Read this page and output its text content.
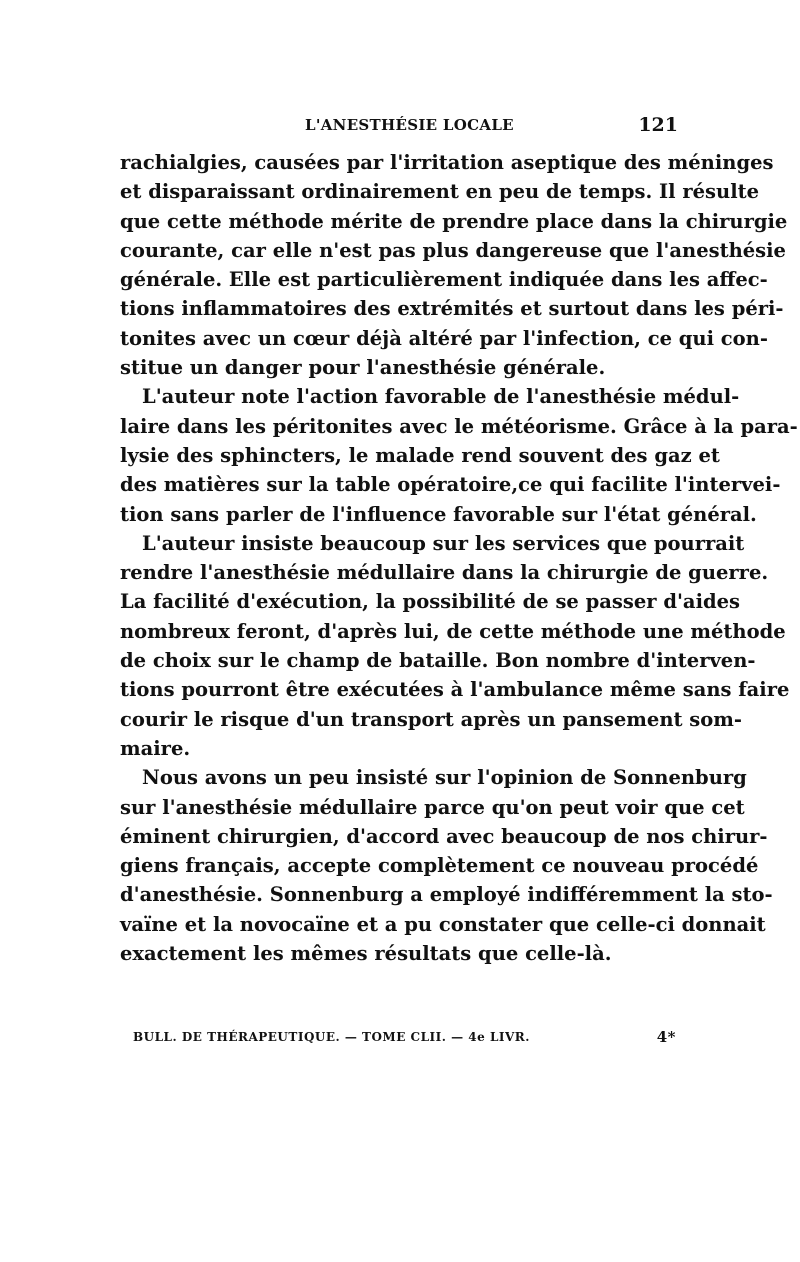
L'ANESTHÉSIE LOCALE	121
rachialgies, causées par l'irritation aseptique des méninges
et disparaissant ordinairement en peu de temps. Il résulte
que cette méthode mérite de prendre place dans la chirurgie
courante, car elle n'est pas plus dangereuse que l'anesthésie
générale. Elle est particulièrement indiquée dans les affec-
tions inflammatoires des extrémités et surtout dans les péri-
tonites avec un cœur déjà altéré par l'infection, ce qui con-
stitue un danger pour l'anesthésie générale.
L'auteur note l'action favorable de l'anesthésie médul-
laire dans les péritonites avec le météorisme. Grâce à la para-
lysie des sphincters, le malade rend souvent des gaz et
des matières sur la table opératoire,ce qui facilite l'intervei-
tion sans parler de l'influence favorable sur l'état général.
L'auteur insiste beaucoup sur les services que pourrait
rendre l'anesthésie médullaire dans la chirurgie de guerre.
La facilité d'exécution, la possibilité de se passer d'aides
nombreux feront, d'après lui, de cette méthode une méthode
de choix sur le champ de bataille. Bon nombre d'interven-
tions pourront être exécutées à l'ambulance même sans faire
courir le risque d'un transport après un pansement som-
maire.
Nous avons un peu insisté sur l'opinion de Sonnenburg
sur l'anesthésie médullaire parce qu'on peut voir que cet
éminent chirurgien, d'accord avec beaucoup de nos chirur-
giens français, accepte complètement ce nouveau procédé
d'anesthésie. Sonnenburg a employé indifféremment la sto-
vaïne et la novocaïne et a pu constater que celle-ci donnait
exactement les mêmes résultats que celle-là.
BULL. DE THÉRAPEUTIQUE. — TOME CLII. — 4e LIVR.	4*
